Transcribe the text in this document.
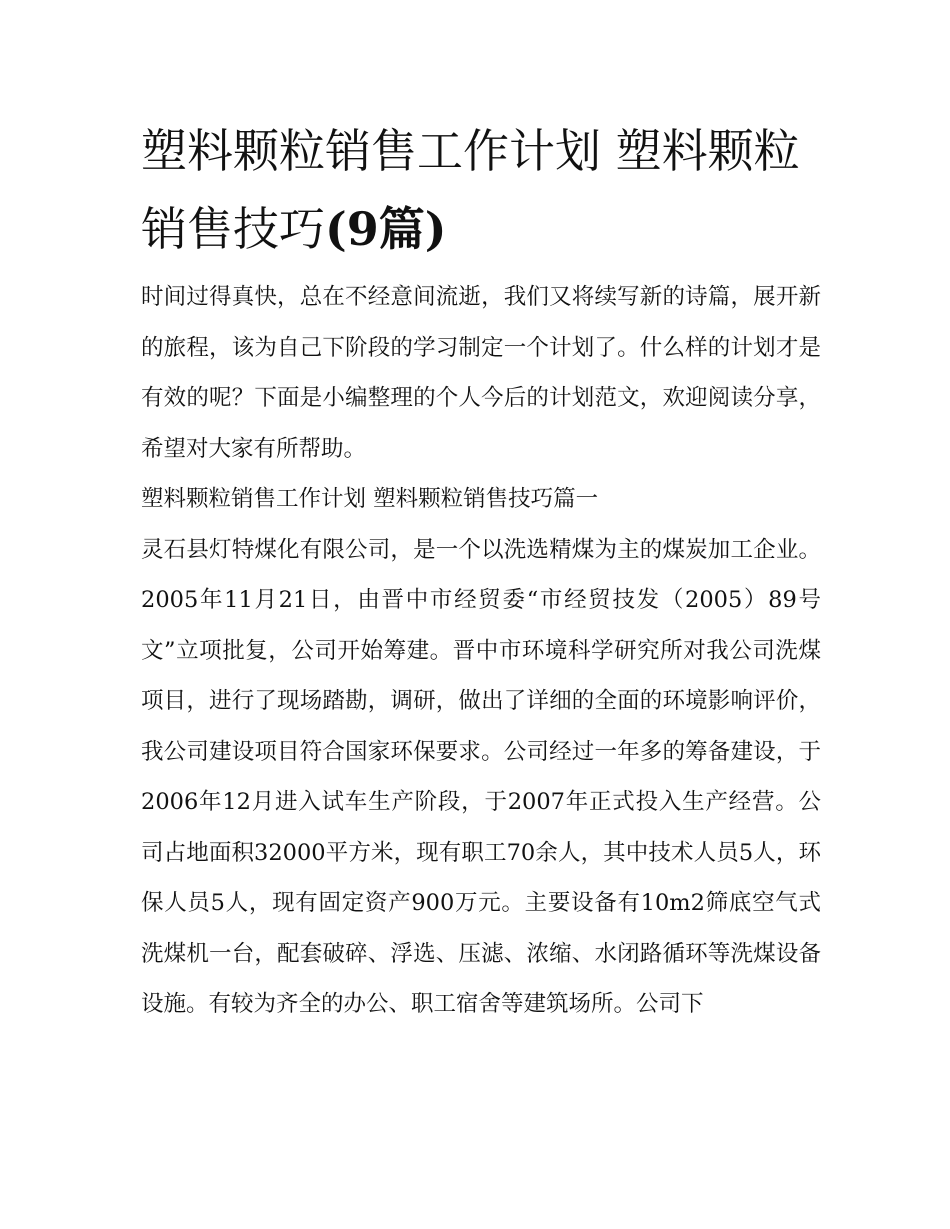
塑料颗粒销售工作计划 塑料颗粒销售技巧(9篇)

时间过得真快，总在不经意间流逝，我们又将续写新的诗篇，展开新的旅程，该为自己下阶段的学习制定一个计划了。什么样的计划才是有效的呢？下面是小编整理的个人今后的计划范文，欢迎阅读分享，希望对大家有所帮助。

塑料颗粒销售工作计划 塑料颗粒销售技巧篇一

灵石县灯特煤化有限公司，是一个以洗选精煤为主的煤炭加工企业。2005年11月21日，由晋中市经贸委“市经贸技发（2005）89号文”立项批复，公司开始筹建。晋中市环境科学研究所对我公司洗煤项目，进行了现场踏勘，调研，做出了详细的全面的环境影响评价，我公司建设项目符合国家环保要求。公司经过一年多的筹备建设，于2006年12月进入试车生产阶段，于2007年正式投入生产经营。公司占地面积32000平方米，现有职工70余人，其中技术人员5人，环保人员5人，现有固定资产900万元。主要设备有10m2筛底空气式洗煤机一台，配套破碎、浮选、压滤、浓缩、水闭路循环等洗煤设备设施。有较为齐全的办公、职工宿舍等建筑场所。公司下
